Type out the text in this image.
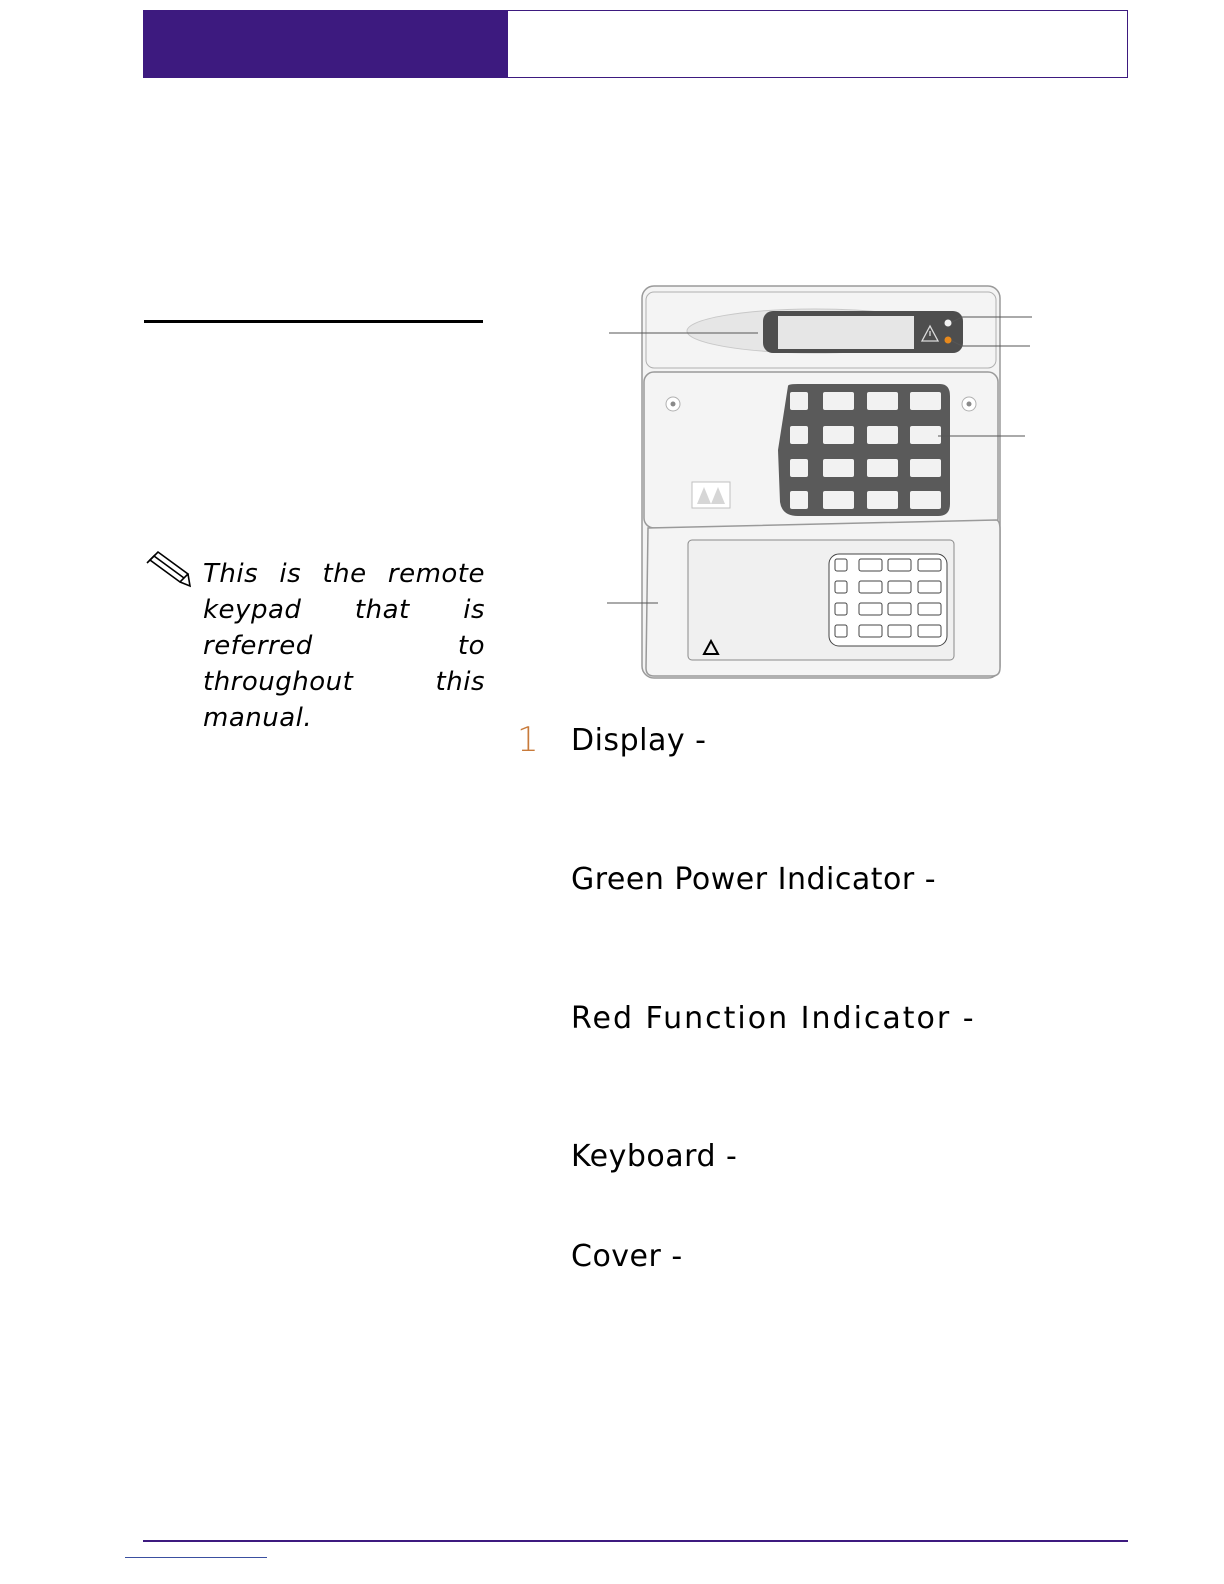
This is the remote keypad that is referred to throughout this manual.
1 Display -
Green Power Indicator -
Red Function Indicator -
Keyboard -
Cover -
